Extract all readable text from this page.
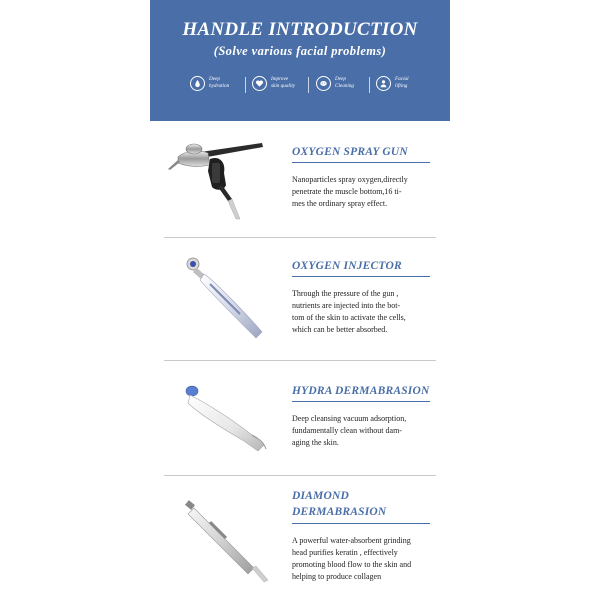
HANDLE INTRODUCTION
(Solve various facial problems)
Deep
hydration
Improve
skin quality
Deep
Cleaning
Facial
lifting
OXYGEN SPRAY GUN
Nanoparticles spray oxygen,directly
penetrate the muscle bottom,16 ti-
mes the ordinary spray effect.
OXYGEN INJECTOR
Through the pressure of the gun ,
nutrients are injected into the bot-
tom of the skin to activate the cells,
which can be better absorbed.
HYDRA DERMABRASION
Deep cleansing vacuum adsorption,
fundamentally clean without dam-
aging the skin.
DIAMOND
DERMABRASION
A powerful water-absorbent grinding
head purifies keratin , effectively
promoting blood flow to the skin and
helping to produce collagen
